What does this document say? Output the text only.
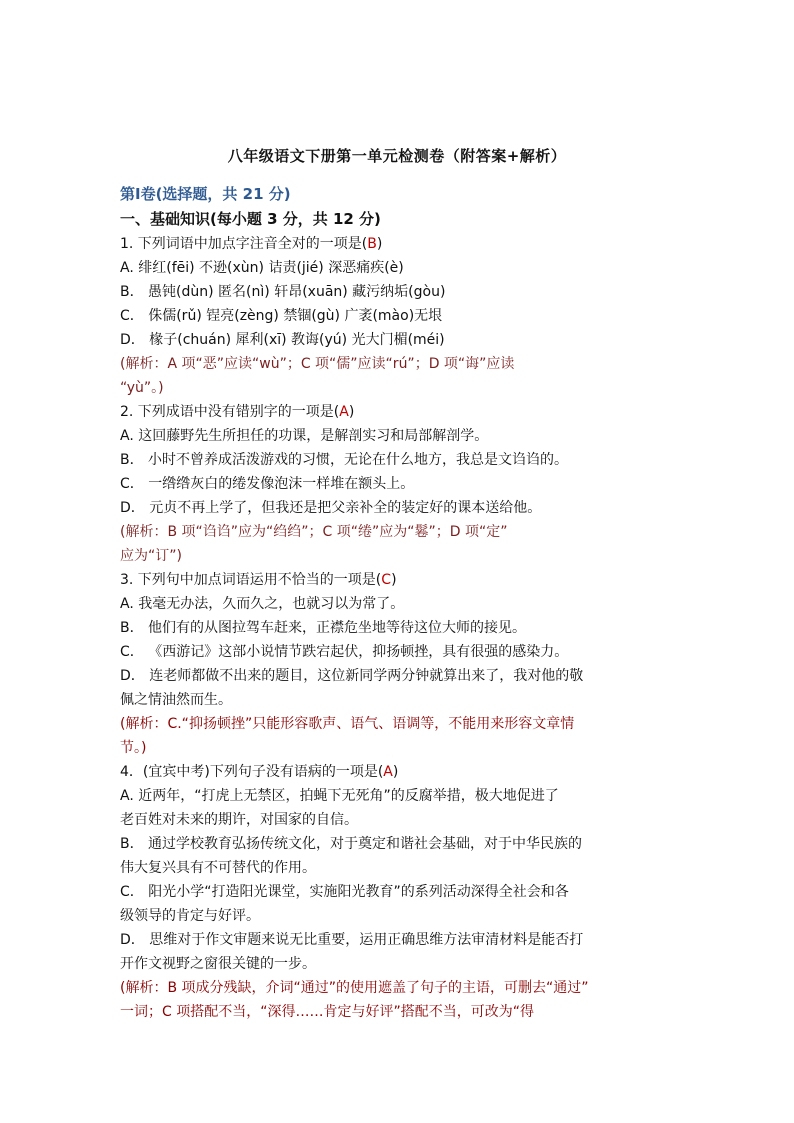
八年级语文下册第一单元检测卷（附答案+解析）
第Ⅰ卷(选择题，共 21 分)
一、基础知识(每小题 3 分，共 12 分)
1. 下列词语中加点字注音全对的一项是(B)
A. 绯红(fēi) 不逊(xùn) 诘责(jié) 深恶痛疾(è)
B． 愚钝(dùn) 匿名(nì) 轩昂(xuān) 藏污纳垢(gòu)
C． 侏儒(rǔ) 锃亮(zèng) 禁锢(gù) 广袤(mào)无垠
D． 椽子(chuán) 犀利(xī) 教诲(yú) 光大门楣(méi)
(解析：A 项“恶”应读“wù”；C 项“儒”应读“rú”；D 项“诲”应读
“yù”。)
2. 下列成语中没有错别字的一项是(A)
A. 这回藤野先生所担任的功课，是解剖实习和局部解剖学。
B． 小时不曾养成活泼游戏的习惯，无论在什么地方，我总是文诌诌的。
C． 一绺绺灰白的绻发像泡沫一样堆在额头上。
D． 元贞不再上学了，但我还是把父亲补全的装定好的课本送给他。
(解析：B 项“诌诌”应为“绉绉”；C 项“绻”应为“鬈”；D 项“定”
应为“订”)
3. 下列句中加点词语运用不恰当的一项是(C)
A. 我毫无办法，久而久之，也就习以为常了。
B． 他们有的从图拉驾车赶来，正襟危坐地等待这位大师的接见。
C． 《西游记》这部小说情节跌宕起伏，抑扬顿挫，具有很强的感染力。
D． 连老师都做不出来的题目，这位新同学两分钟就算出来了，我对他的敬
佩之情油然而生。
(解析：C.“抑扬顿挫”只能形容歌声、语气、语调等，不能用来形容文章情
节。)
4．(宜宾中考)下列句子没有语病的一项是(A)
A. 近两年，“打虎上无禁区，拍蝇下无死角”的反腐举措，极大地促进了
老百姓对未来的期许，对国家的自信。
B． 通过学校教育弘扬传统文化，对于奠定和谐社会基础，对于中华民族的
伟大复兴具有不可替代的作用。
C． 阳光小学“打造阳光课堂，实施阳光教育”的系列活动深得全社会和各
级领导的肯定与好评。
D． 思维对于作文审题来说无比重要，运用正确思维方法审清材料是能否打
开作文视野之窗很关键的一步。
(解析：B 项成分残缺，介词“通过”的使用遮盖了句子的主语，可删去“通过”
一词；C 项搭配不当，“深得……肯定与好评”搭配不当，可改为“得
